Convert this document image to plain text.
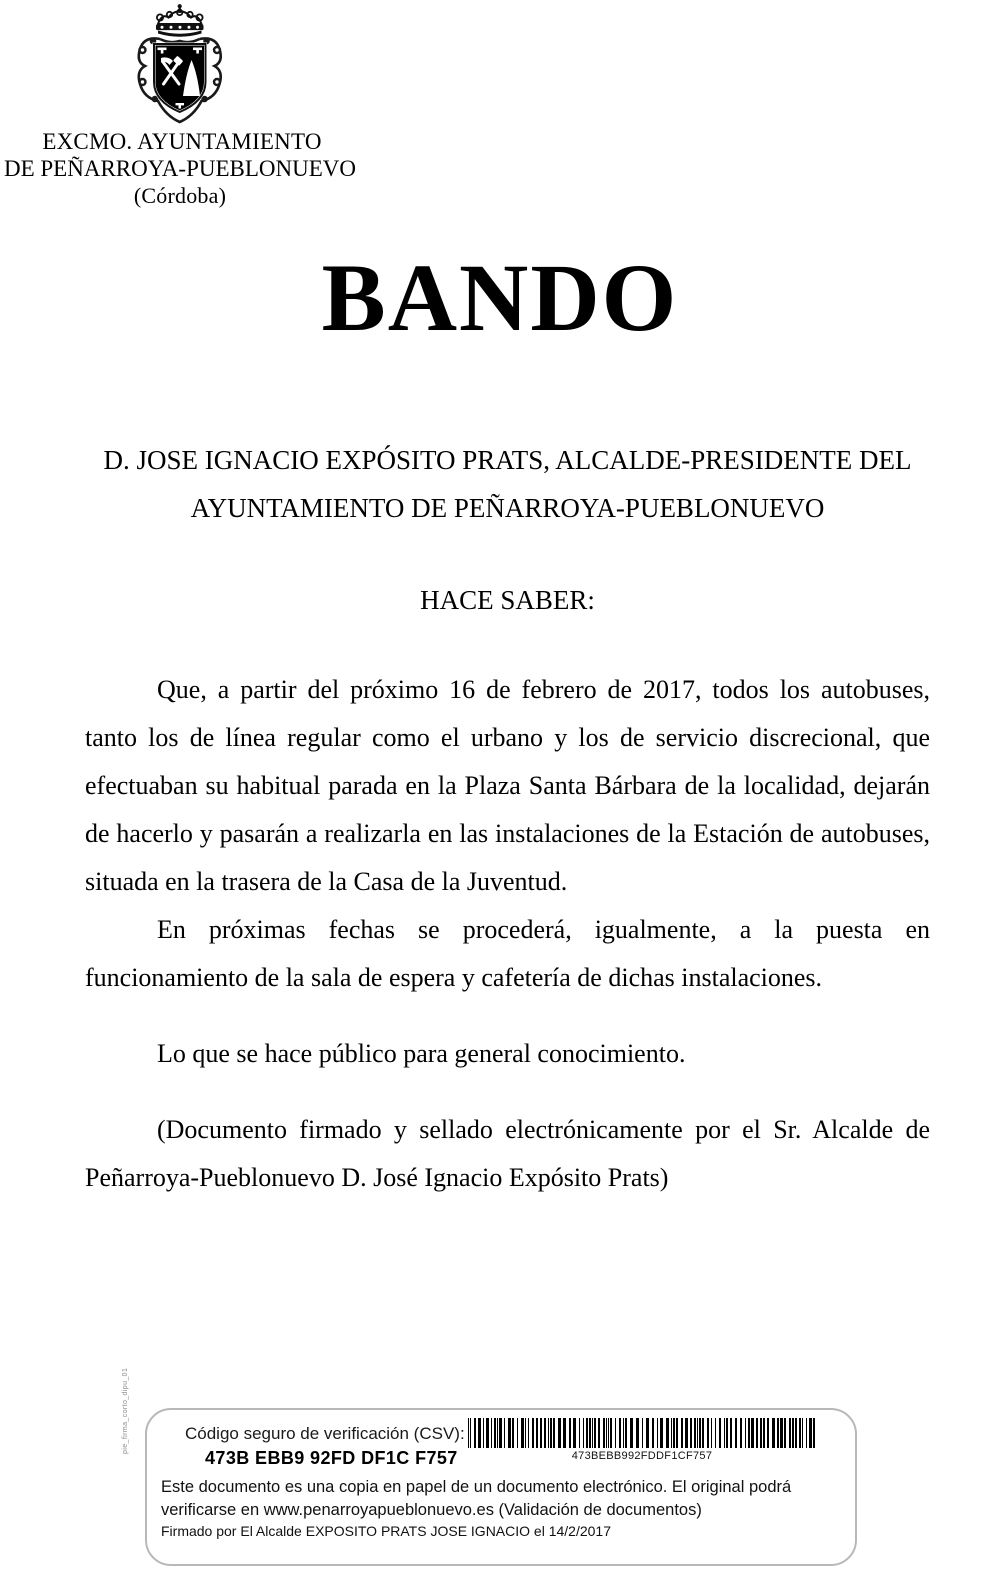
EXCMO. AYUNTAMIENTO
DE PEÑARROYA-PUEBLONUEVO
(Córdoba)
BANDO
D. JOSE IGNACIO EXPÓSITO PRATS, ALCALDE-PRESIDENTE DEL
AYUNTAMIENTO DE PEÑARROYA-PUEBLONUEVO
HACE SABER:
Que, a partir del próximo 16 de febrero de 2017, todos los autobuses, tanto los de línea regular como el urbano y los de servicio discrecional, que efectuaban su habitual parada en la Plaza Santa Bárbara de la localidad, dejarán de hacerlo y pasarán a realizarla en las instalaciones de la Estación de autobuses, situada en la trasera de la Casa de la Juventud.
En próximas fechas se procederá, igualmente, a la puesta en funcionamiento de la sala de espera y cafetería de dichas instalaciones.
Lo que se hace público para general conocimiento.
(Documento firmado y sellado electrónicamente por el Sr. Alcalde de Peñarroya-Pueblonuevo D. José Ignacio Expósito Prats)
pie_firma_corto_dipu_01	Código seguro de verificación (CSV):
473B EBB9 92FD DF1C F757	473BEBB992FDDF1CF757
Este documento es una copia en papel de un documento electrónico. El original podrá verificarse en www.penarroyapueblonuevo.es (Validación de documentos)
Firmado por El Alcalde EXPOSITO PRATS JOSE IGNACIO el 14/2/2017
